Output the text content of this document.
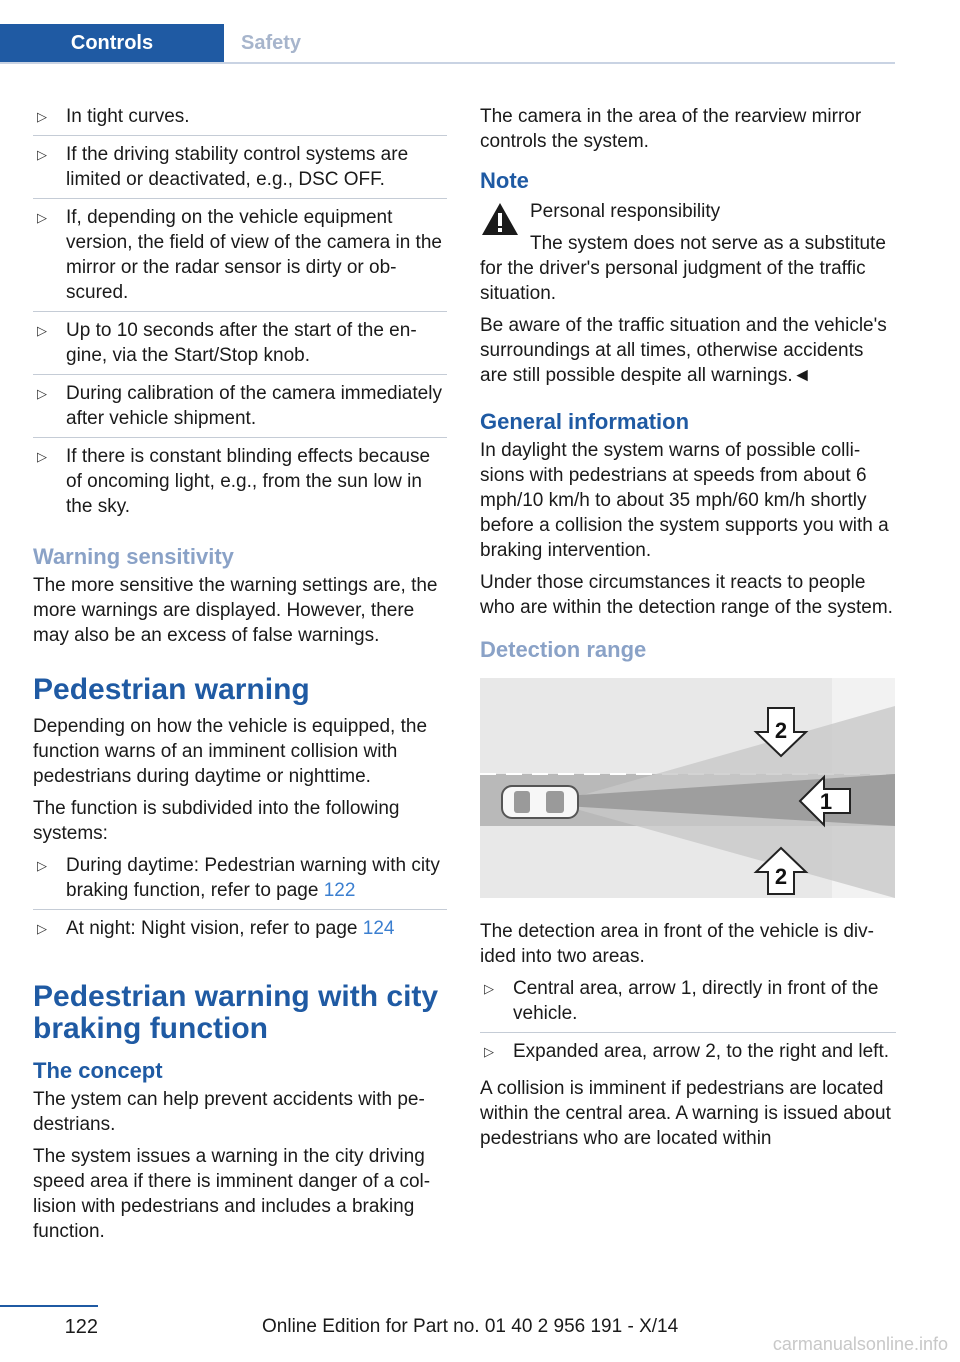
Controls	Safety
▷ In tight curves.
▷ If the driving stability control systems are limited or deactivated, e.g., DSC OFF.
▷ If, depending on the vehicle equipment version, the field of view of the camera in the mirror or the radar sensor is dirty or obscured.
▷ Up to 10 seconds after the start of the engine, via the Start/Stop knob.
▷ During calibration of the camera immediately after vehicle shipment.
▷ If there is constant blinding effects because of oncoming light, e.g., from the sun low in the sky.
Warning sensitivity

The more sensitive the warning settings are, the more warnings are displayed. However, there may also be an excess of false warnings.

Pedestrian warning

Depending on how the vehicle is equipped, the function warns of an imminent collision with pedestrians during daytime or nighttime.

The function is subdivided into the following systems:

▷ During daytime: Pedestrian warning with city braking function, refer to page 122
▷ At night: Night vision, refer to page 124
Pedestrian warning with city braking function
The concept

The ystem can help prevent accidents with pedestrians.

The system issues a warning in the city driving speed area if there is imminent danger of a collision with pedestrians and includes a braking function.

The camera in the area of the rearview mirror controls the system.

Note
Personal responsibility
The system does not serve as a substitute for the driver's personal judgment of the traffic situation.

Be aware of the traffic situation and the vehicle's surroundings at all times, otherwise accidents are still possible despite all warnings.◄

General information

In daylight the system warns of possible collisions with pedestrians at speeds from about 6 mph/10 km/h to about 35 mph/60 km/h shortly before a collision the system supports you with a braking intervention.

Under those circumstances it reacts to people who are within the detection range of the system.

Detection range
2
1
2

The detection area in front of the vehicle is divided into two areas.

▷ Central area, arrow 1, directly in front of the vehicle.
▷ Expanded area, arrow 2, to the right and left.

A collision is imminent if pedestrians are located within the central area. A warning is issued about pedestrians who are located within

122	Online Edition for Part no. 01 40 2 956 191 - X/14
carmanualsonline.info
